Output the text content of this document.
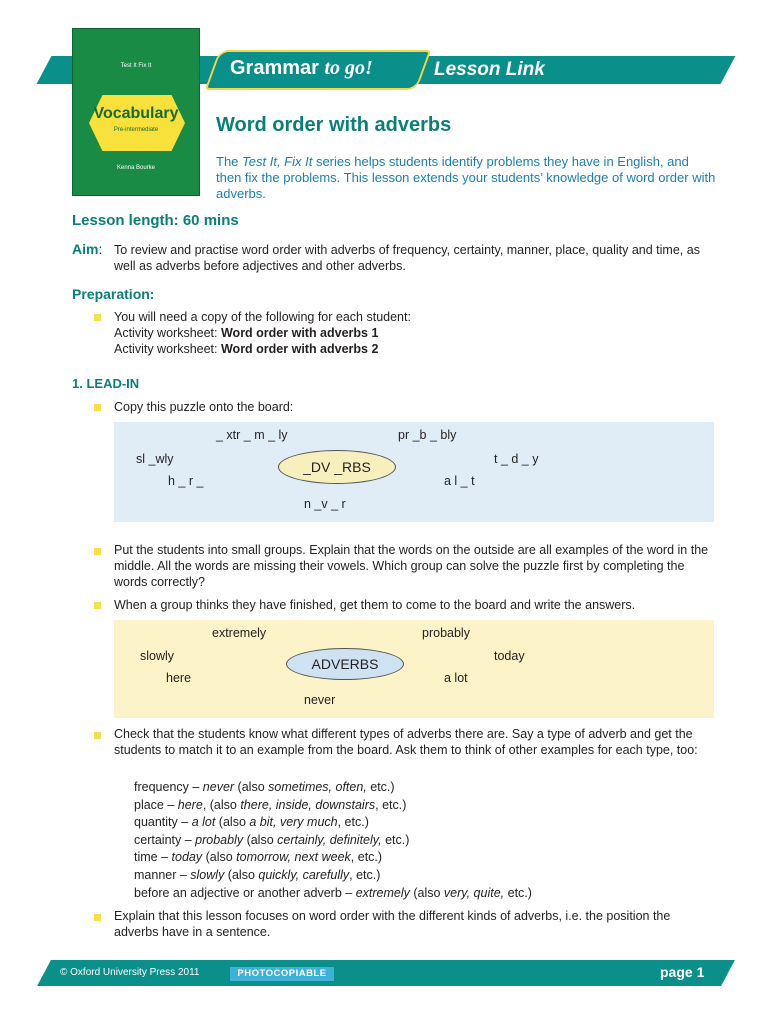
Grammar to go!	Lesson Link
Test It Fix It
Vocabulary
Pre-intermediate
Kenna Bourke
Word order with adverbs
The Test It, Fix It series helps students identify problems they have in English, and then fix the problems. This lesson extends your students’ knowledge of word order with adverbs.
Lesson length: 60 mins
Aim: To review and practise word order with adverbs of frequency, certainty, manner, place, quality and time, as well as adverbs before adjectives and other adverbs.
Preparation:
You will need a copy of the following for each student:
Activity worksheet: Word order with adverbs 1
Activity worksheet: Word order with adverbs 2
1. LEAD-IN
Copy this puzzle onto the board:
_ xtr _ m _ ly	pr _b _ bly
sl _wly	t _ d _ y
h _ r _	a l _ t
n _v _ r
_DV _RBS
Put the students into small groups. Explain that the words on the outside are all examples of the word in the middle. All the words are missing their vowels. Which group can solve the puzzle first by completing the words correctly?
When a group thinks they have finished, get them to come to the board and write the answers.
extremely	probably
slowly	today
here	a lot
never
ADVERBS
Check that the students know what different types of adverbs there are. Say a type of adverb and get the students to match it to an example from the board. Ask them to think of other examples for each type, too:
frequency – never (also sometimes, often, etc.)
place – here, (also there, inside, downstairs, etc.)
quantity – a lot (also a bit, very much, etc.)
certainty – probably (also certainly, definitely, etc.)
time – today (also tomorrow, next week, etc.)
manner – slowly (also quickly, carefully, etc.)
before an adjective or another adverb – extremely (also very, quite, etc.)
Explain that this lesson focuses on word order with the different kinds of adverbs, i.e. the position the adverbs have in a sentence.
© Oxford University Press 2011	PHOTOCOPIABLE	page 1
